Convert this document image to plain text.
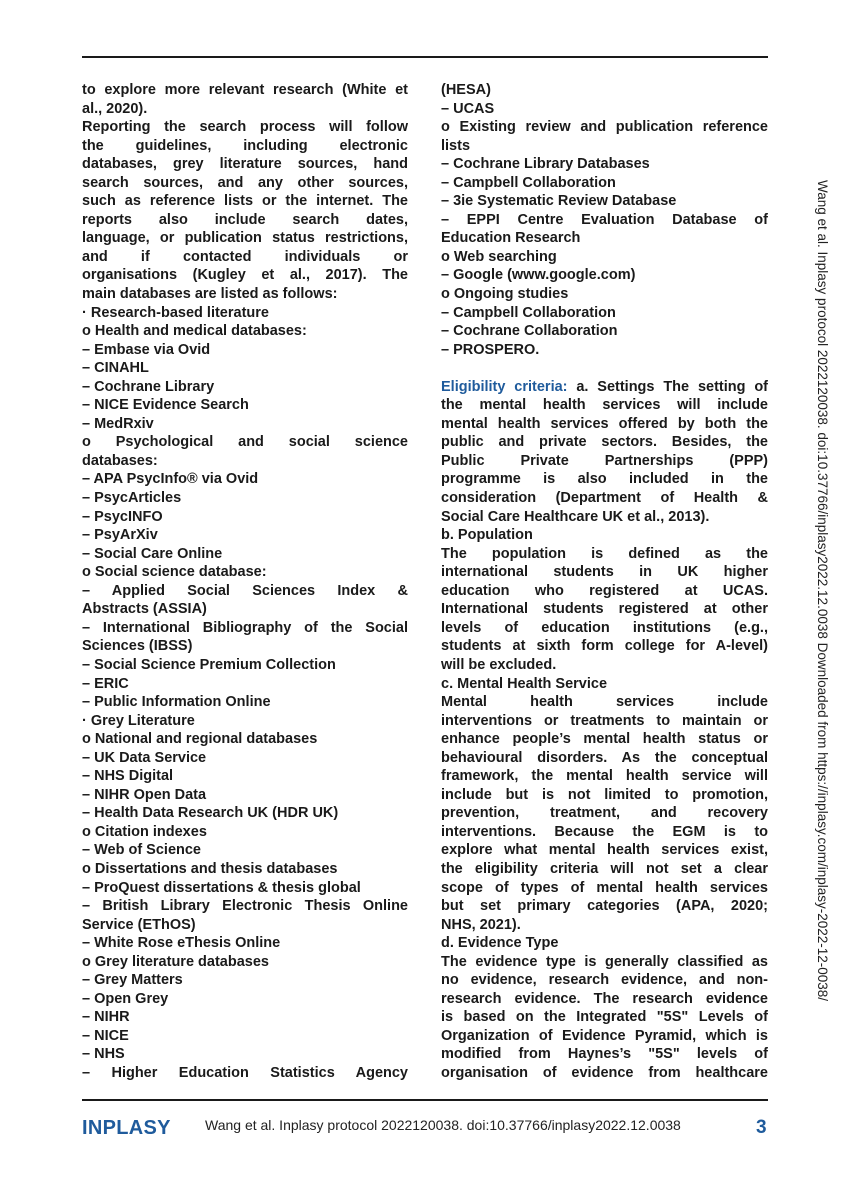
to explore more relevant research (White et
al., 2020).
Reporting the search process will follow
the guidelines, including electronic
databases, grey literature sources, hand
search sources, and any other sources,
such as reference lists or the internet. The
reports also include search dates,
language, or publication status restrictions,
and if contacted individuals or
organisations (Kugley et al., 2017). The
main databases are listed as follows:
· Research-based literature
o Health and medical databases:
– Embase via Ovid
– CINAHL
– Cochrane Library
– NICE Evidence Search
– MedRxiv
o Psychological and social science
databases:
– APA PsycInfo® via Ovid
– PsycArticles
– PsycINFO
– PsyArXiv
– Social Care Online
o Social science database:
– Applied Social Sciences Index &
Abstracts (ASSIA)
– International Bibliography of the Social
Sciences (IBSS)
– Social Science Premium Collection
– ERIC
– Public Information Online
· Grey Literature
o National and regional databases
– UK Data Service
– NHS Digital
– NIHR Open Data
– Health Data Research UK (HDR UK)
o Citation indexes
– Web of Science
o Dissertations and thesis databases
– ProQuest dissertations & thesis global
– British Library Electronic Thesis Online
Service (EThOS)
– White Rose eThesis Online
o Grey literature databases
– Grey Matters
– Open Grey
– NIHR
– NICE
– NHS
– Higher Education Statistics Agency
(HESA)
– UCAS
o Existing review and publication reference
lists
– Cochrane Library Databases
– Campbell Collaboration
– 3ie Systematic Review Database
– EPPI Centre Evaluation Database of
Education Research
o Web searching
– Google (www.google.com)
o Ongoing studies
– Campbell Collaboration
– Cochrane Collaboration
– PROSPERO.
Eligibility criteria: a. Settings The setting of
the mental health services will include
mental health services offered by both the
public and private sectors. Besides, the
Public Private Partnerships (PPP)
programme is also included in the
consideration (Department of Health &
Social Care Healthcare UK et al., 2013).
b. Population
The population is defined as the
international students in UK higher
education who registered at UCAS.
International students registered at other
levels of education institutions (e.g.,
students at sixth form college for A-level)
will be excluded.
c. Mental Health Service
Mental health services include
interventions or treatments to maintain or
enhance people’s mental health status or
behavioural disorders. As the conceptual
framework, the mental health service will
include but is not limited to promotion,
prevention, treatment, and recovery
interventions. Because the EGM is to
explore what mental health services exist,
the eligibility criteria will not set a clear
scope of types of mental health services
but set primary categories (APA, 2020;
NHS, 2021).
d. Evidence Type
The evidence type is generally classified as
no evidence, research evidence, and non-
research evidence. The research evidence
is based on the Integrated "5S" Levels of
Organization of Evidence Pyramid, which is
modified from Haynes’s "5S" levels of
organisation of evidence from healthcare
Wang et al. Inplasy protocol 2022120038. doi:10.37766/inplasy2022.12.0038 Downloaded from https://inplasy.com/inplasy-2022-12-0038/
INPLASY Wang et al. Inplasy protocol 2022120038. doi:10.37766/inplasy2022.12.0038	3
